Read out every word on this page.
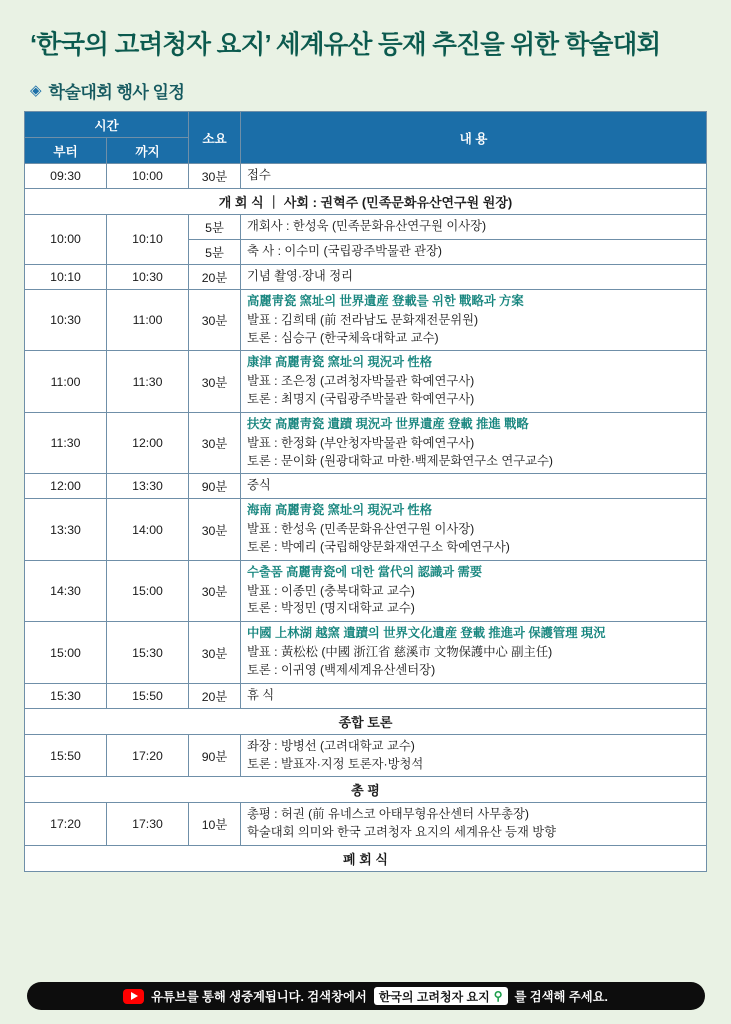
‘한국의 고려청자 요지’ 세계유산 등재 추진을 위한 학술대회
◈ 학술대회 행사 일정
시간		소요	내 용
부터	까지		
09:30	10:00	30분	접수

개 회 식 ｜ 사회 : 권혁주 (민족문화유산연구원 원장)			
10:00	10:10	5분	개회사 : 한성욱 (민족문화유산연구원 이사장)

		5분	축 사 : 이수미 (국립광주박물관 관장)

10:10	10:30	20분	기념 촬영·장내 정리

10:30	11:00	30분	高麗靑瓷 窯址의 世界遺産 登載를 위한 戰略과 方案
발표 : 김희태 (前 전라남도 문화재전문위원)
토론 : 심승구 (한국체육대학교 교수)

11:00	11:30	30분	康津 高麗靑瓷 窯址의 現況과 性格
발표 : 조은정 (고려청자박물관 학예연구사)
토론 : 최명지 (국립광주박물관 학예연구사)

11:30	12:00	30분	扶安 高麗靑瓷 遺蹟 現況과 世界遺産 登載 推進 戰略
발표 : 한정화 (부안청자박물관 학예연구사)
토론 : 문이화 (원광대학교 마한·백제문화연구소 연구교수)

12:00	13:30	90분	중식

13:30	14:00	30분	海南 高麗靑瓷 窯址의 現況과 性格
발표 : 한성욱 (민족문화유산연구원 이사장)
토론 : 박예리 (국립해양문화재연구소 학예연구사)

14:30	15:00	30분	수출품 高麗靑瓷에 대한 當代의 認識과 需要
발표 : 이종민 (충북대학교 교수)
토론 : 박정민 (명지대학교 교수)

15:00	15:30	30분	中國 上林湖 越窯 遺蹟의 世界文化遺産 登載 推進과 保護管理 現況
발표 : 黃松松 (中國 浙江省 慈溪市 文物保護中心 副主任)
토론 : 이귀영 (백제세계유산센터장)

15:30	15:50	20분	휴 식

종합 토론			
15:50	17:20	90분	좌장 : 방병선 (고려대학교 교수)
토론 : 발표자·지정 토론자·방청석

총 평			
17:20	17:30	10분	총평 : 허권 (前 유네스코 아태무형유산센터 사무총장)
학술대회 의미와 한국 고려청자 요지의 세계유산 등재 방향

폐 회 식			
유튜브를 통해 생중계됩니다. 검색창에서 한국의 고려청자 요지 ⚲ 를 검색해 주세요.
